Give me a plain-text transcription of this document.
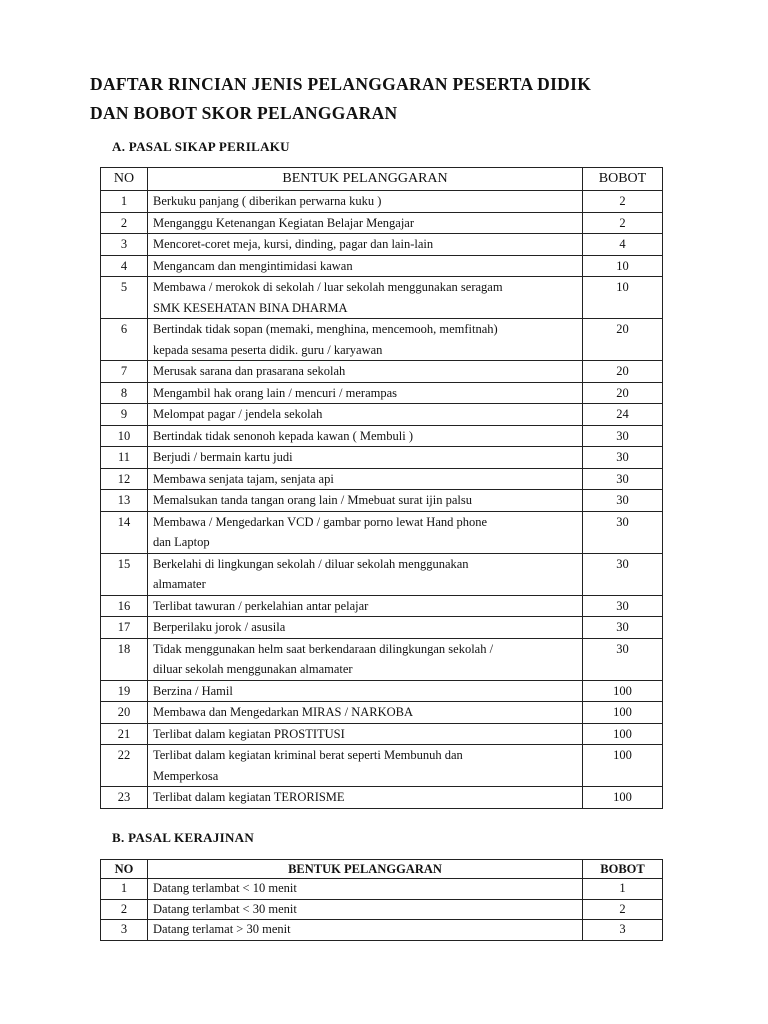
DAFTAR RINCIAN JENIS PELANGGARAN PESERTA DIDIK
DAN BOBOT SKOR PELANGGARAN
A. PASAL SIKAP PERILAKU
NO	BENTUK PELANGGARAN	BOBOT
1	Berkuku panjang ( diberikan perwarna kuku )	2
2	Menganggu Ketenangan Kegiatan Belajar Mengajar	2
3	Mencoret-coret meja, kursi, dinding, pagar dan lain-lain	4
4	Mengancam dan mengintimidasi kawan	10
5	Membawa / merokok di sekolah / luar sekolah menggunakan seragam
SMK KESEHATAN BINA DHARMA	10
6	Bertindak tidak sopan (memaki, menghina, mencemooh, memfitnah)
kepada sesama peserta didik. guru / karyawan	20
7	Merusak sarana dan prasarana sekolah	20
8	Mengambil hak orang lain / mencuri / merampas	20
9	Melompat pagar / jendela sekolah	24
10	Bertindak tidak senonoh kepada kawan ( Membuli )	30
11	Berjudi / bermain kartu judi	30
12	Membawa senjata tajam, senjata api	30
13	Memalsukan tanda tangan orang lain / Mmebuat surat ijin palsu	30
14	Membawa / Mengedarkan VCD / gambar porno lewat Hand phone
dan Laptop	30
15	Berkelahi di lingkungan sekolah / diluar sekolah menggunakan
almamater	30
16	Terlibat tawuran / perkelahian antar pelajar	30
17	Berperilaku jorok / asusila	30
18	Tidak menggunakan helm saat berkendaraan dilingkungan sekolah /
diluar sekolah menggunakan almamater	30
19	Berzina / Hamil	100
20	Membawa dan Mengedarkan MIRAS / NARKOBA	100
21	Terlibat dalam kegiatan PROSTITUSI	100
22	Terlibat dalam kegiatan kriminal berat seperti Membunuh dan
Memperkosa	100
23	Terlibat dalam kegiatan TERORISME	100
B. PASAL KERAJINAN
NO	BENTUK PELANGGARAN	BOBOT
1	Datang terlambat < 10 menit	1
2	Datang terlambat < 30 menit	2
3	Datang terlamat > 30 menit	3
